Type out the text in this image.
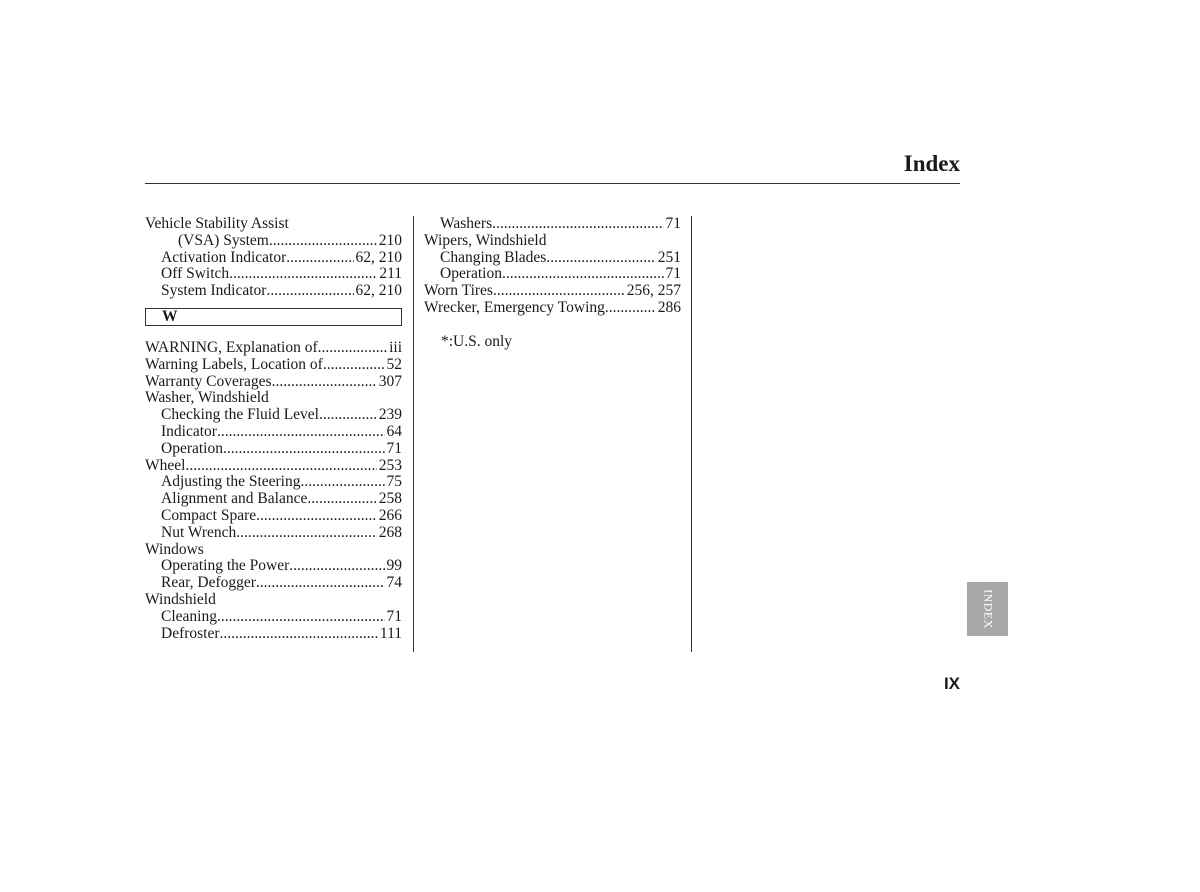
Index
Vehicle Stability Assist
(VSA) System .....	210
Activation Indicator .....	62, 210
Off Switch .....	211
System Indicator .....	62, 210
W
WARNING, Explanation of .....	iii
Warning Labels, Location of .....	52
Warranty Coverages .....	307
Washer, Windshield
Checking the Fluid Level .....	239
Indicator .....	64
Operation .....	71
Wheel .....	253
Adjusting the Steering .....	75
Alignment and Balance .....	258
Compact Spare .....	266
Nut Wrench .....	268
Windows
Operating the Power .....	99
Rear, Defogger .....	74
Windshield
Cleaning .....	71
Defroster .....	111
Washers .....	71
Wipers, Windshield
Changing Blades .....	251
Operation .....	71
Worn Tires .....	256, 257
Wrecker, Emergency Towing .....	286
*:U.S. only
INDEX
IX
